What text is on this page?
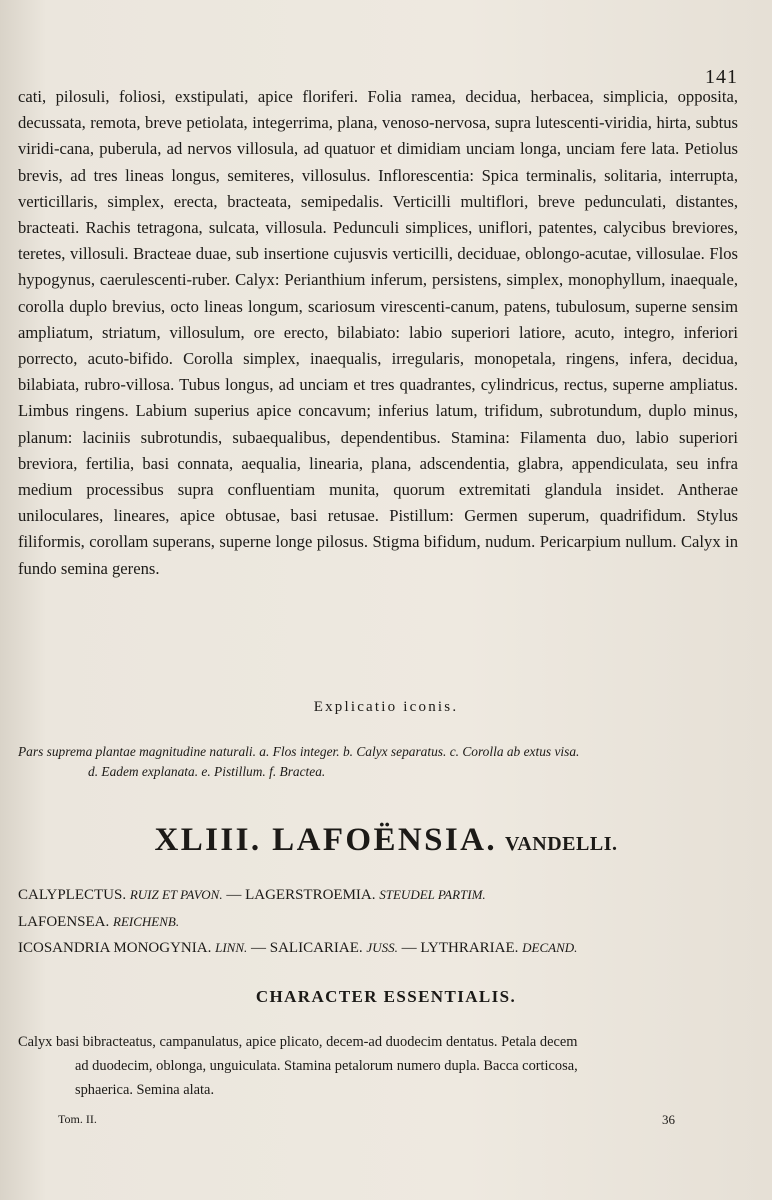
141
cati, pilosuli, foliosi, exstipulati, apice floriferi. Folia ramea, decidua, herbacea, simplicia, opposita, decussata, remota, breve petiolata, integerrima, plana, venoso-nervosa, supra lutescenti-viridia, hirta, subtus viridi-cana, puberula, ad nervos villosula, ad quatuor et dimidiam unciam longa, unciam fere lata. Petiolus brevis, ad tres lineas longus, semiteres, villosulus. Inflorescentia: Spica terminalis, solitaria, interrupta, verticillaris, simplex, erecta, bracteata, semipedalis. Verticilli multiflori, breve pedunculati, distantes, bracteati. Rachis tetragona, sulcata, villosula. Pedunculi simplices, uniflori, patentes, calycibus breviores, teretes, villosuli. Bracteae duae, sub insertione cujusvis verticilli, deciduae, oblongo-acutae, villosulae. Flos hypogynus, caerulescenti-ruber. Calyx: Perianthium inferum, persistens, simplex, monophyllum, inaequale, corolla duplo brevius, octo lineas longum, scariosum virescenti-canum, patens, tubulosum, superne sensim ampliatum, striatum, villosulum, ore erecto, bilabiato: labio superiori latiore, acuto, integro, inferiori porrecto, acuto-bifido. Corolla simplex, inaequalis, irregularis, monopetala, ringens, infera, decidua, bilabiata, rubro-villosa. Tubus longus, ad unciam et tres quadrantes, cylindricus, rectus, superne ampliatus. Limbus ringens. Labium superius apice concavum; inferius latum, trifidum, subrotundum, duplo minus, planum: laciniis subrotundis, subaequalibus, dependentibus. Stamina: Filamenta duo, labio superiori breviora, fertilia, basi connata, aequalia, linearia, plana, adscendentia, glabra, appendiculata, seu infra medium processibus supra confluentiam munita, quorum extremitati glandula insidet. Antherae uniloculares, lineares, apice obtusae, basi retusae. Pistillum: Germen superum, quadrifidum. Stylus filiformis, corollam superans, superne longe pilosus. Stigma bifidum, nudum. Pericarpium nullum. Calyx in fundo semina gerens.
Explicatio iconis.
Pars suprema plantae magnitudine naturali. a. Flos integer. b. Calyx separatus. c. Corolla ab extus visa.
d. Eadem explanata. e. Pistillum. f. Bractea.
XLIII. LAFOËNSIA. VANDELLI.
CALYPLECTUS. RUIZ ET PAVON. — LAGERSTROEMIA. STEUDEL PARTIM.
LAFOENSEA. REICHENB.
ICOSANDRIA MONOGYNIA. LINN. — SALICARIAE. JUSS. — LYTHRARIAE. DECAND.
CHARACTER ESSENTIALIS.
Calyx basi bibracteatus, campanulatus, apice plicato, decem-ad duodecim dentatus. Petala decem
ad duodecim, oblonga, unguiculata. Stamina petalorum numero dupla. Bacca corticosa,
sphaerica. Semina alata.
Tom. II.	36
